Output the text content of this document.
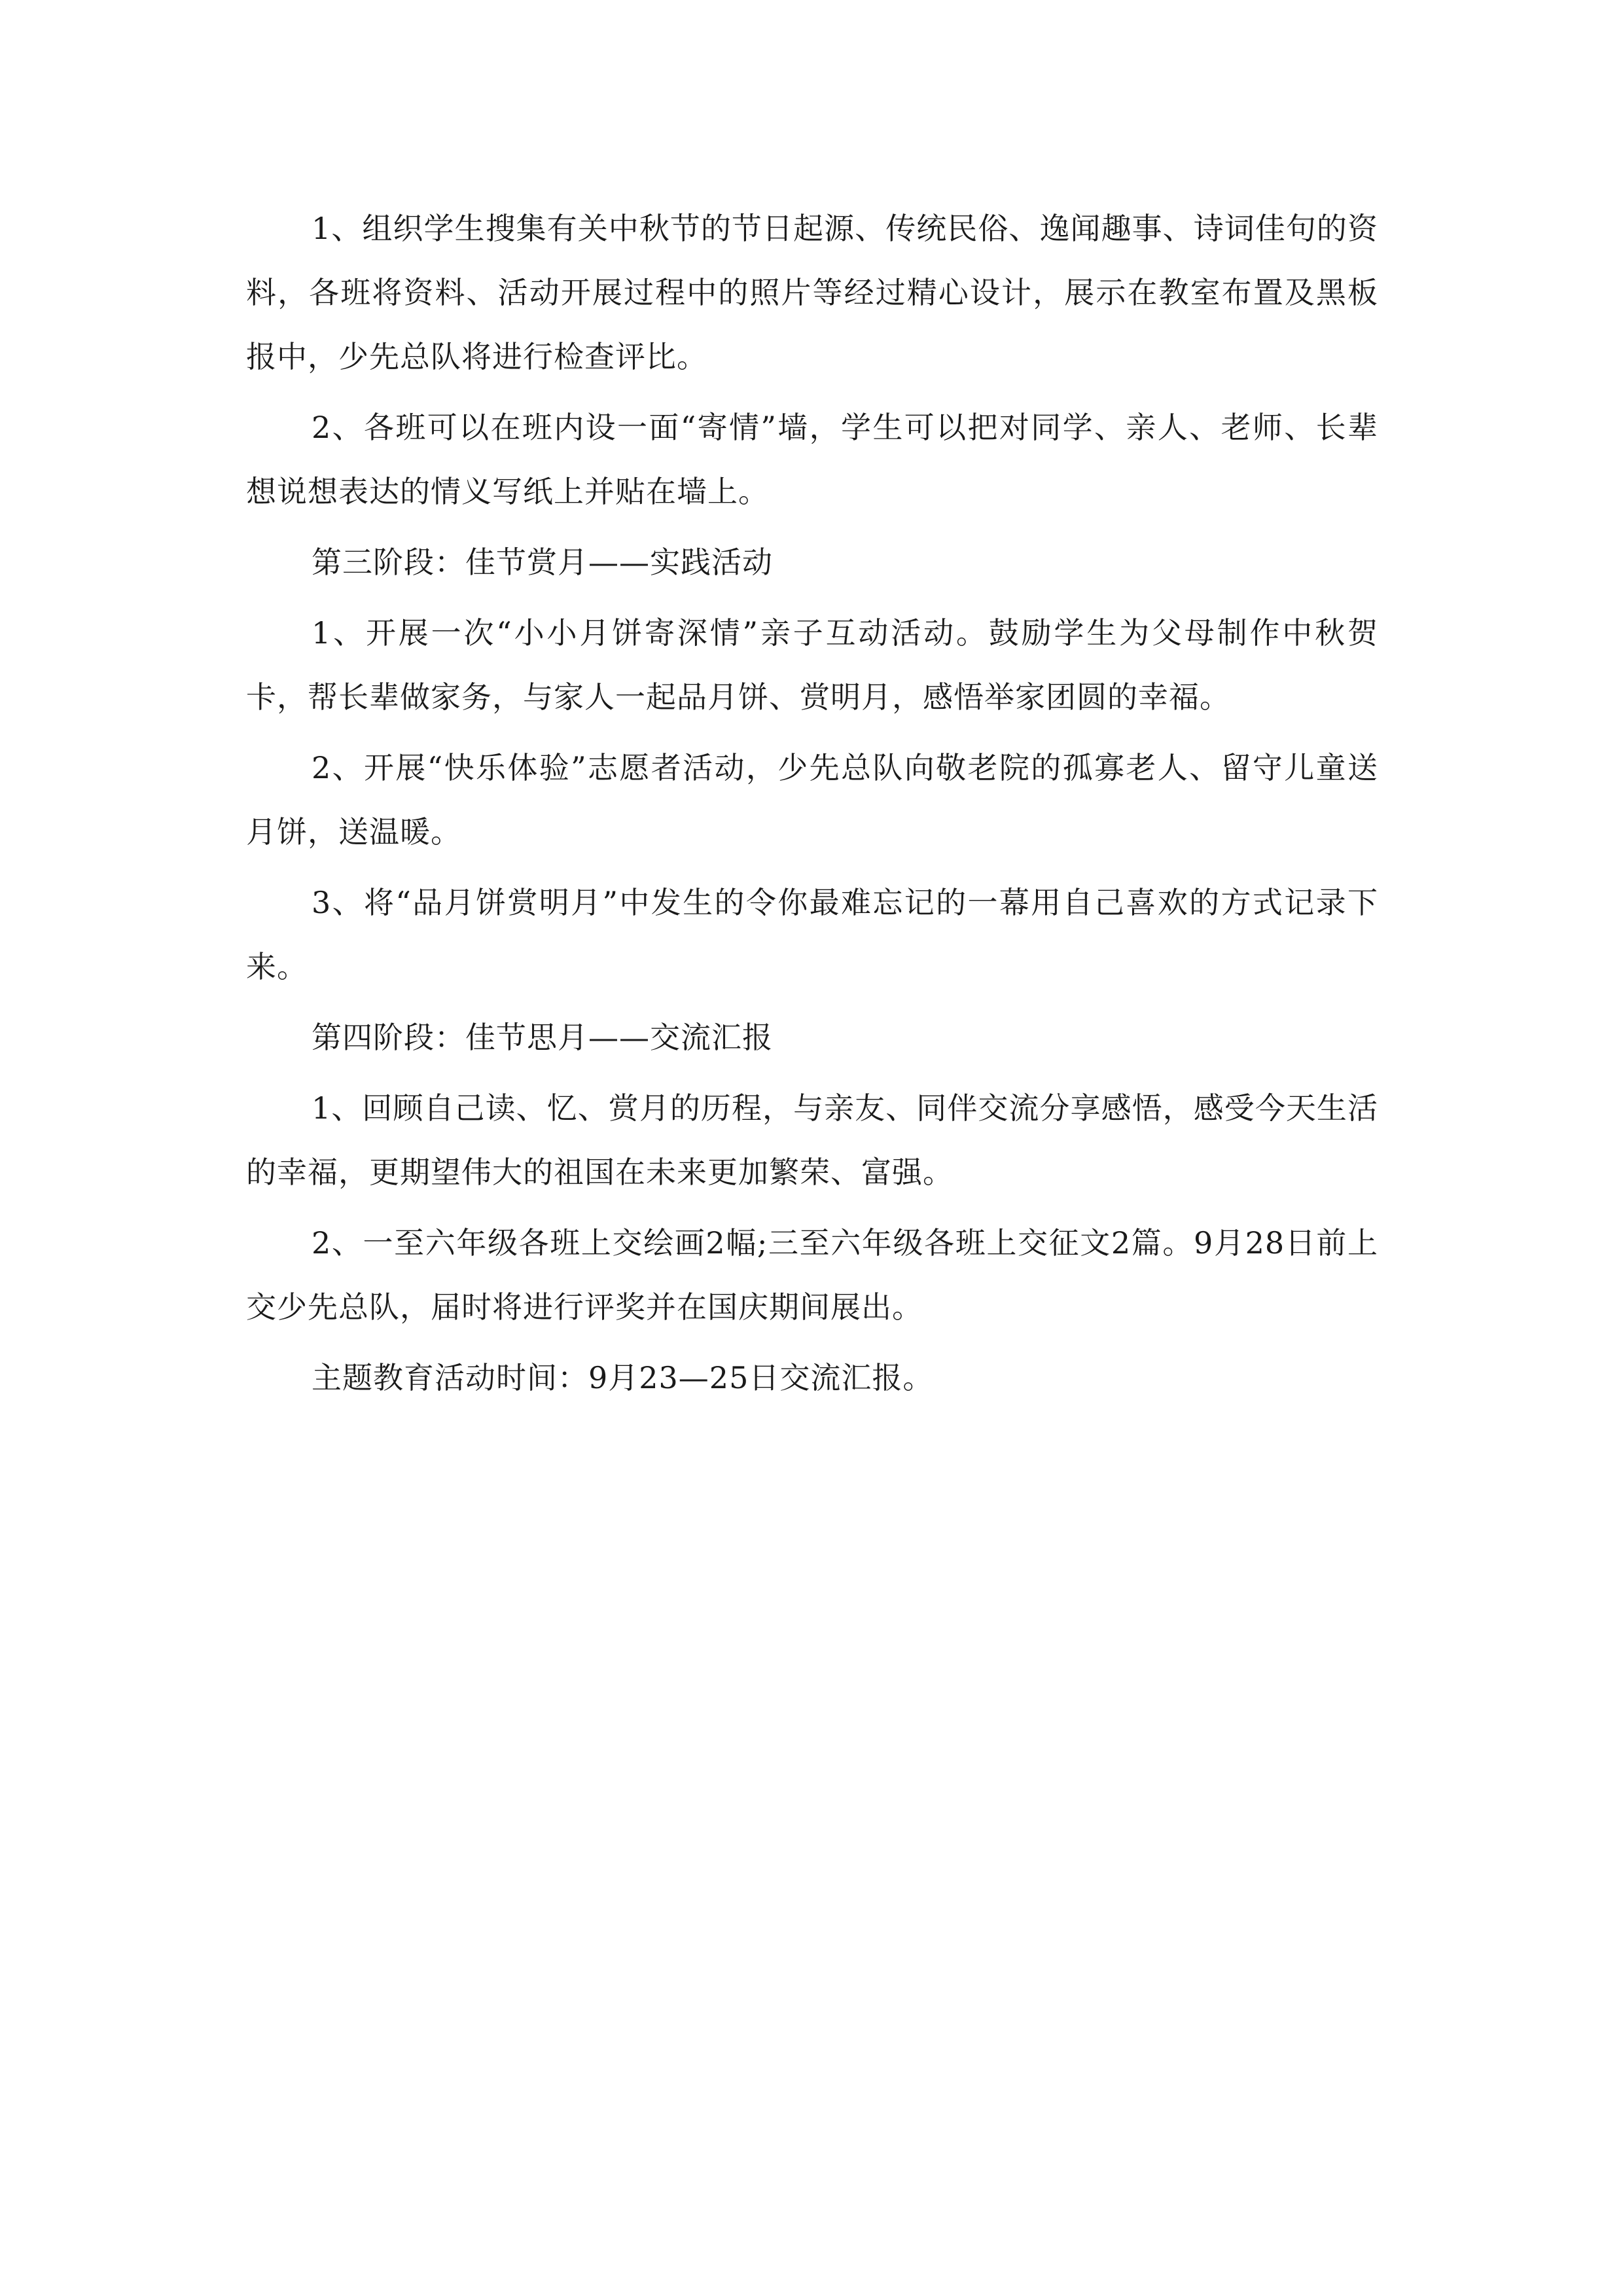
1、组织学生搜集有关中秋节的节日起源、传统民俗、逸闻趣事、诗词佳句的资料，各班将资料、活动开展过程中的照片等经过精心设计，展示在教室布置及黑板报中，少先总队将进行检查评比。

2、各班可以在班内设一面“寄情”墙，学生可以把对同学、亲人、老师、长辈想说想表达的情义写纸上并贴在墙上。

第三阶段：佳节赏月——实践活动

1、开展一次“小小月饼寄深情”亲子互动活动。鼓励学生为父母制作中秋贺卡，帮长辈做家务，与家人一起品月饼、赏明月，感悟举家团圆的幸福。

2、开展“快乐体验”志愿者活动，少先总队向敬老院的孤寡老人、留守儿童送月饼，送温暖。

3、将“品月饼赏明月”中发生的令你最难忘记的一幕用自己喜欢的方式记录下来。

第四阶段：佳节思月——交流汇报

1、回顾自己读、忆、赏月的历程，与亲友、同伴交流分享感悟，感受今天生活的幸福，更期望伟大的祖国在未来更加繁荣、富强。

2、一至六年级各班上交绘画2幅;三至六年级各班上交征文2篇。9月28日前上交少先总队，届时将进行评奖并在国庆期间展出。

主题教育活动时间：9月23—25日交流汇报。
